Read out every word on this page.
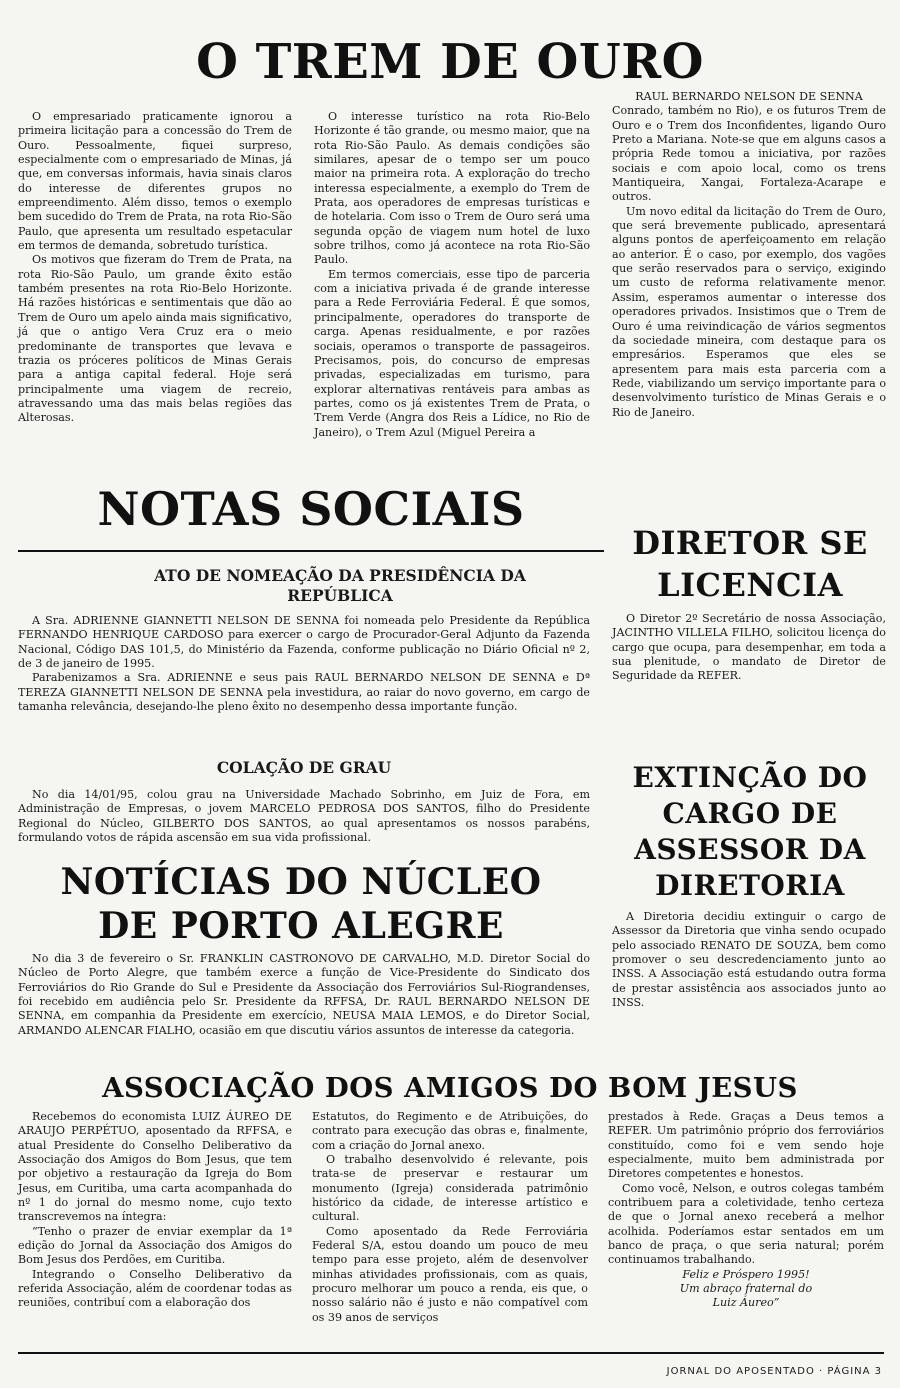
O TREM DE OURO

O empresariado praticamente ignorou a primeira licitação para a concessão do Trem de Ouro. Pessoalmente, fiquei surpreso, especialmente com o empresariado de Minas, já que, em conversas informais, havia sinais claros do interesse de diferentes grupos no empreendimento. Além disso, temos o exemplo bem sucedido do Trem de Prata, na rota Rio-São Paulo, que apresenta um resultado espetacular em termos de demanda, sobretudo turística.

Os motivos que fizeram do Trem de Prata, na rota Rio-São Paulo, um grande êxito estão também presentes na rota Rio-Belo Horizonte. Há razões históricas e sentimentais que dão ao Trem de Ouro um apelo ainda mais significativo, já que o antigo Vera Cruz era o meio predominante de transportes que levava e trazia os próceres políticos de Minas Gerais para a antiga capital federal. Hoje será principalmente uma viagem de recreio, atravessando uma das mais belas regiões das Alterosas.

O interesse turístico na rota Rio-Belo Horizonte é tão grande, ou mesmo maior, que na rota Rio-São Paulo. As demais condições são similares, apesar de o tempo ser um pouco maior na primeira rota. A exploração do trecho interessa especialmente, a exemplo do Trem de Prata, aos operadores de empresas turísticas e de hotelaria. Com isso o Trem de Ouro será uma segunda opção de viagem num hotel de luxo sobre trilhos, como já acontece na rota Rio-São Paulo.

Em termos comerciais, esse tipo de parceria com a iniciativa privada é de grande interesse para a Rede Ferroviária Federal. É que somos, principalmente, operadores do transporte de carga. Apenas residualmente, e por razões sociais, operamos o transporte de passageiros. Precisamos, pois, do concurso de empresas privadas, especializadas em turismo, para explorar alternativas rentáveis para ambas as partes, como os já existentes Trem de Prata, o Trem Verde (Angra dos Reis a Lídice, no Rio de Janeiro), o Trem Azul (Miguel Pereira a

RAUL BERNARDO NELSON DE SENNA

Conrado, também no Rio), e os futuros Trem de Ouro e o Trem dos Inconfidentes, ligando Ouro Preto a Mariana. Note-se que em alguns casos a própria Rede tomou a iniciativa, por razões sociais e com apoio local, como os trens Mantiqueira, Xangai, Fortaleza-Acarape e outros.

Um novo edital da licitação do Trem de Ouro, que será brevemente publicado, apresentará alguns pontos de aperfeiçoamento em relação ao anterior. É o caso, por exemplo, dos vagões que serão reservados para o serviço, exigindo um custo de reforma relativamente menor. Assim, esperamos aumentar o interesse dos operadores privados. Insistimos que o Trem de Ouro é uma reivindicação de vários segmentos da sociedade mineira, com destaque para os empresários. Esperamos que eles se apresentem para mais esta parceria com a Rede, viabilizando um serviço importante para o desenvolvimento turístico de Minas Gerais e o Rio de Janeiro.

NOTAS SOCIAIS
ATO DE NOMEAÇÃO DA PRESIDÊNCIA DA REPÚBLICA

A Sra. ADRIENNE GIANNETTI NELSON DE SENNA foi nomeada pelo Presidente da República FERNANDO HENRIQUE CARDOSO para exercer o cargo de Procurador-Geral Adjunto da Fazenda Nacional, Código DAS 101,5, do Ministério da Fazenda, conforme publicação no Diário Oficial nº 2, de 3 de janeiro de 1995.

Parabenizamos a Sra. ADRIENNE e seus pais RAUL BERNARDO NELSON DE SENNA e Dª TEREZA GIANNETTI NELSON DE SENNA pela investidura, ao raiar do novo governo, em cargo de tamanha relevância, desejando-lhe pleno êxito no desempenho dessa importante função.

COLAÇÃO DE GRAU

No dia 14/01/95, colou grau na Universidade Machado Sobrinho, em Juiz de Fora, em Administração de Empresas, o jovem MARCELO PEDROSA DOS SANTOS, filho do Presidente Regional do Núcleo, GILBERTO DOS SANTOS, ao qual apresentamos os nossos parabéns, formulando votos de rápida ascensão em sua vida profissional.

DIRETOR SE LICENCIA

O Diretor 2º Secretário de nossa Associação, JACINTHO VILLELA FILHO, solicitou licença do cargo que ocupa, para desempenhar, em toda a sua plenitude, o mandato de Diretor de Seguridade da REFER.

EXTINÇÃO DO CARGO DE ASSESSOR DA DIRETORIA

A Diretoria decidiu extinguir o cargo de Assessor da Diretoria que vinha sendo ocupado pelo associado RENATO DE SOUZA, bem como promover o seu descredenciamento junto ao INSS. A Associação está estudando outra forma de prestar assistência aos associados junto ao INSS.

NOTÍCIAS DO NÚCLEO DE PORTO ALEGRE

No dia 3 de fevereiro o Sr. FRANKLIN CASTRONOVO DE CARVALHO, M.D. Diretor Social do Núcleo de Porto Alegre, que também exerce a função de Vice-Presidente do Sindicato dos Ferroviários do Rio Grande do Sul e Presidente da Associação dos Ferroviários Sul-Riograndenses, foi recebido em audiência pelo Sr. Presidente da RFFSA, Dr. RAUL BERNARDO NELSON DE SENNA, em companhia da Presidente em exercício, NEUSA MAIA LEMOS, e do Diretor Social, ARMANDO ALENCAR FIALHO, ocasião em que discutiu vários assuntos de interesse da categoria.

ASSOCIAÇÃO DOS AMIGOS DO BOM JESUS

Recebemos do economista LUIZ ÁUREO DE ARAUJO PERPÉTUO, aposentado da RFFSA, e atual Presidente do Conselho Deliberativo da Associação dos Amigos do Bom Jesus, que tem por objetivo a restauração da Igreja do Bom Jesus, em Curitiba, uma carta acompanhada do nº 1 do jornal do mesmo nome, cujo texto transcrevemos na íntegra:

“Tenho o prazer de enviar exemplar da 1ª edição do Jornal da Associação dos Amigos do Bom Jesus dos Perdões, em Curitiba.

Integrando o Conselho Deliberativo da referida Associação, além de coordenar todas as reuniões, contribuí com a elaboração dos

Estatutos, do Regimento e de Atribuições, do contrato para execução das obras e, finalmente, com a criação do Jornal anexo.

O trabalho desenvolvido é relevante, pois trata-se de preservar e restaurar um monumento (Igreja) considerada patrimônio histórico da cidade, de interesse artístico e cultural.

Como aposentado da Rede Ferroviária Federal S/A, estou doando um pouco de meu tempo para esse projeto, além de desenvolver minhas atividades profissionais, com as quais, procuro melhorar um pouco a renda, eis que, o nosso salário não é justo e não compatível com os 39 anos de serviços

prestados à Rede. Graças a Deus temos a REFER. Um patrimônio próprio dos ferroviários constituído, como foi e vem sendo hoje especialmente, muito bem administrada por Diretores competentes e honestos.

Como você, Nelson, e outros colegas também contribuem para a coletividade, tenho certeza de que o Jornal anexo receberá a melhor acolhida. Poderíamos estar sentados em um banco de praça, o que seria natural; porém continuamos trabalhando.

Feliz e Próspero 1995!

Um abraço fraternal do

Luiz Áureo”

JORNAL DO APOSENTADO · PÁGINA 3
